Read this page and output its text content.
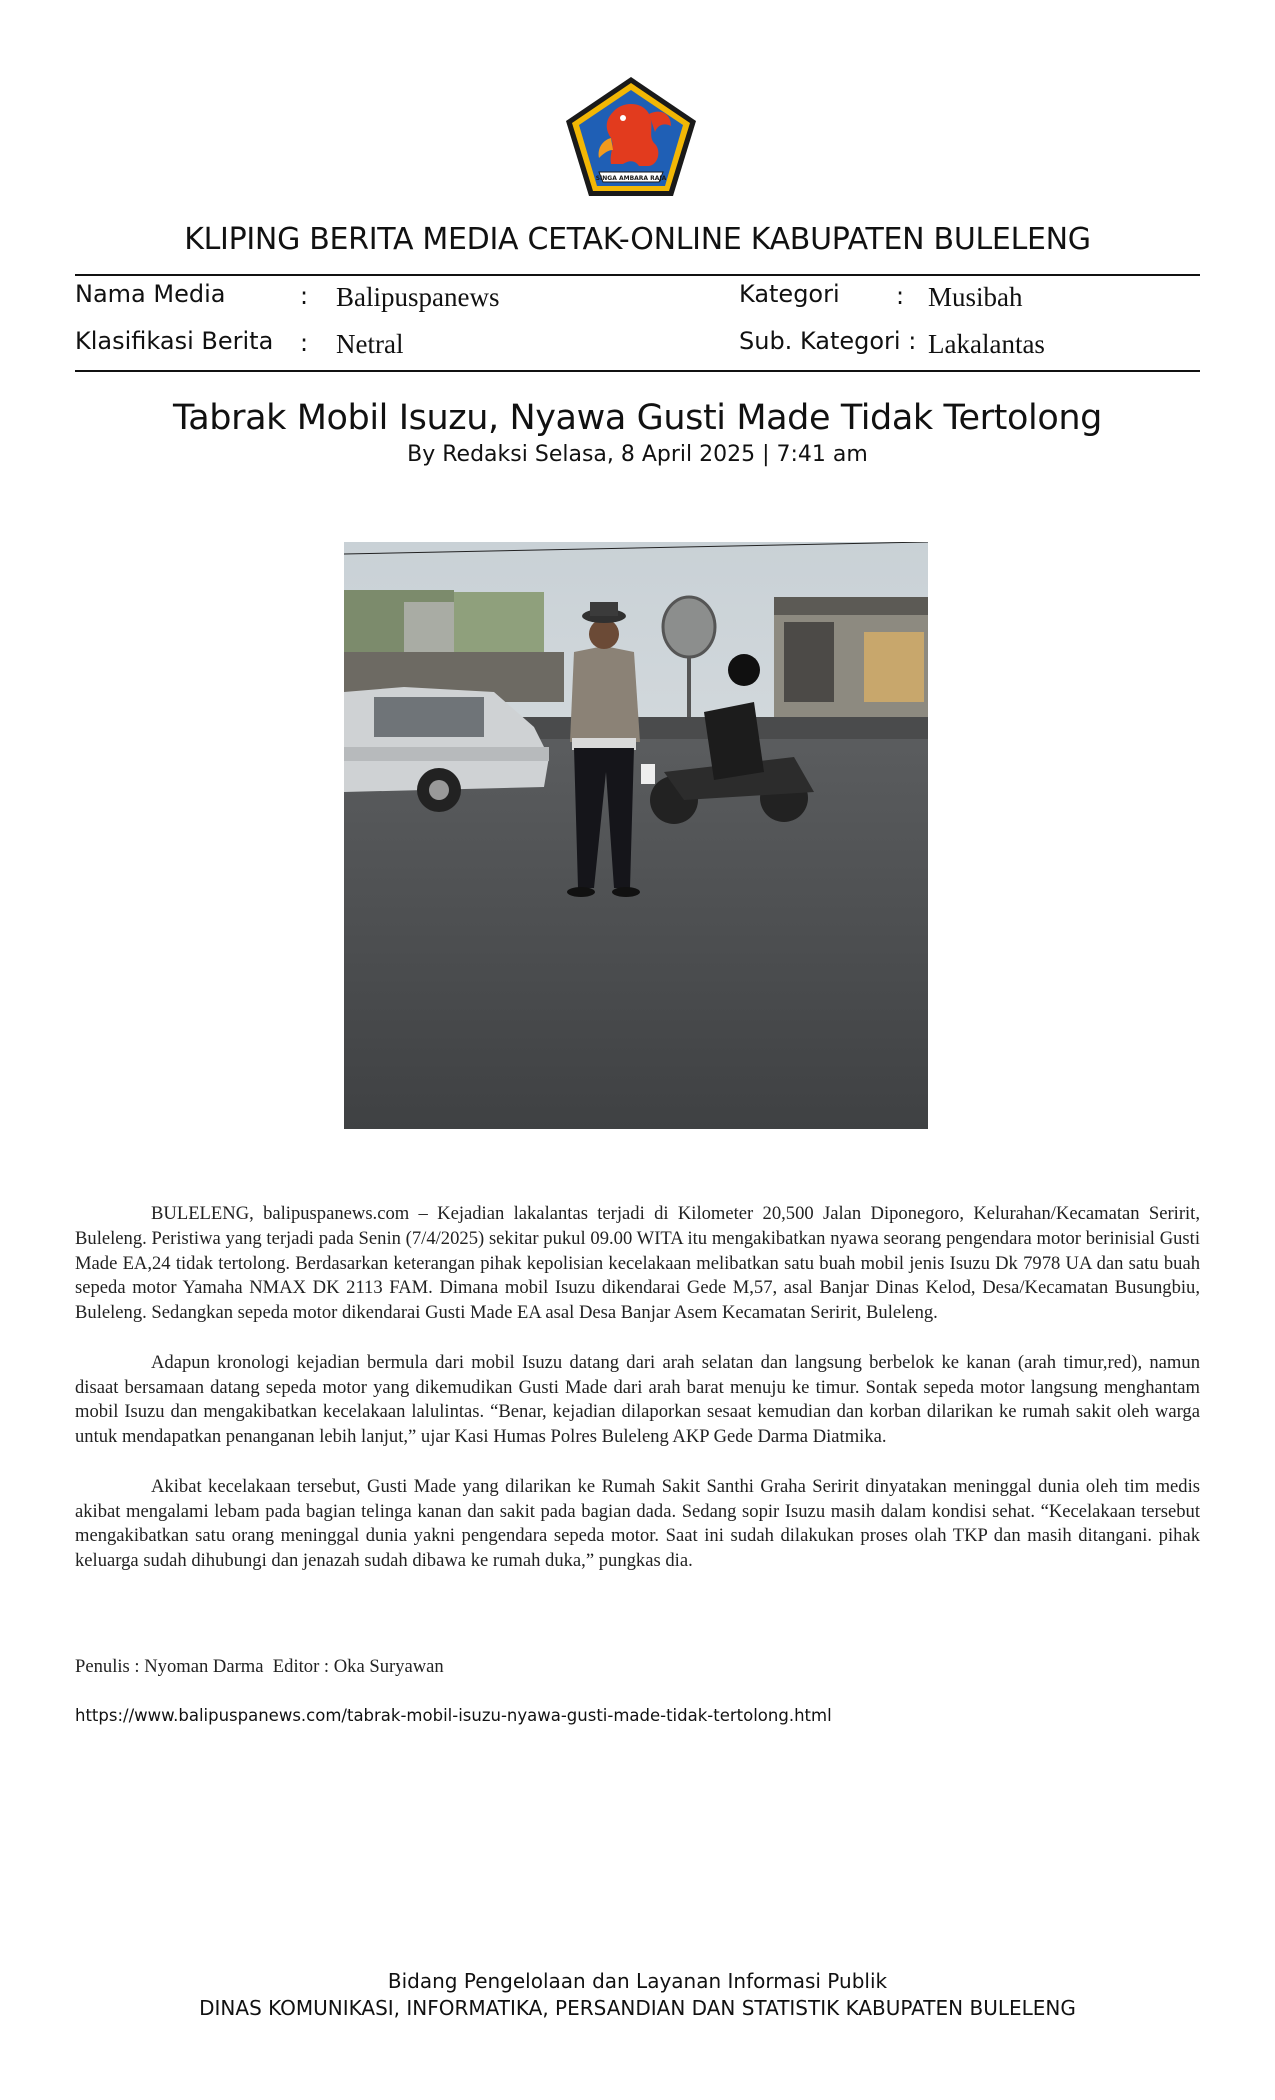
SINGA AMBARA RAJA
KLIPING BERITA MEDIA CETAK-ONLINE KABUPATEN BULELENG
Nama Media	: Balipuspanews	Kategori : Musibah
Klasifikasi Berita : Netral	Sub. Kategori : Lakalantas
Tabrak Mobil Isuzu, Nyawa Gusti Made Tidak Tertolong
By Redaksi Selasa, 8 April 2025 | 7:41 am

BULELENG, balipuspanews.com – Kejadian lakalantas terjadi di Kilometer 20,500 Jalan Diponegoro, Kelurahan/Kecamatan Seririt, Buleleng. Peristiwa yang terjadi pada Senin (7/4/2025) sekitar pukul 09.00 WITA itu mengakibatkan nyawa seorang pengendara motor berinisial Gusti Made EA,24 tidak tertolong. Berdasarkan keterangan pihak kepolisian kecelakaan melibatkan satu buah mobil jenis Isuzu Dk 7978 UA dan satu buah sepeda motor Yamaha NMAX DK 2113 FAM. Dimana mobil Isuzu dikendarai Gede M,57, asal Banjar Dinas Kelod, Desa/Kecamatan Busungbiu, Buleleng. Sedangkan sepeda motor dikendarai Gusti Made EA asal Desa Banjar Asem Kecamatan Seririt, Buleleng.

Adapun kronologi kejadian bermula dari mobil Isuzu datang dari arah selatan dan langsung berbelok ke kanan (arah timur,red), namun disaat bersamaan datang sepeda motor yang dikemudikan Gusti Made dari arah barat menuju ke timur. Sontak sepeda motor langsung menghantam mobil Isuzu dan mengakibatkan kecelakaan lalulintas. “Benar, kejadian dilaporkan sesaat kemudian dan korban dilarikan ke rumah sakit oleh warga untuk mendapatkan penanganan lebih lanjut,” ujar Kasi Humas Polres Buleleng AKP Gede Darma Diatmika.

Akibat kecelakaan tersebut, Gusti Made yang dilarikan ke Rumah Sakit Santhi Graha Seririt dinyatakan meninggal dunia oleh tim medis akibat mengalami lebam pada bagian telinga kanan dan sakit pada bagian dada. Sedang sopir Isuzu masih dalam kondisi sehat. “Kecelakaan tersebut mengakibatkan satu orang meninggal dunia yakni pengendara sepeda motor. Saat ini sudah dilakukan proses olah TKP dan masih ditangani. pihak keluarga sudah dihubungi dan jenazah sudah dibawa ke rumah duka,” pungkas dia.

Penulis : Nyoman Darma  Editor : Oka Suryawan
https://www.balipuspanews.com/tabrak-mobil-isuzu-nyawa-gusti-made-tidak-tertolong.html
Bidang Pengelolaan dan Layanan Informasi Publik
DINAS KOMUNIKASI, INFORMATIKA, PERSANDIAN DAN STATISTIK KABUPATEN BULELENG
